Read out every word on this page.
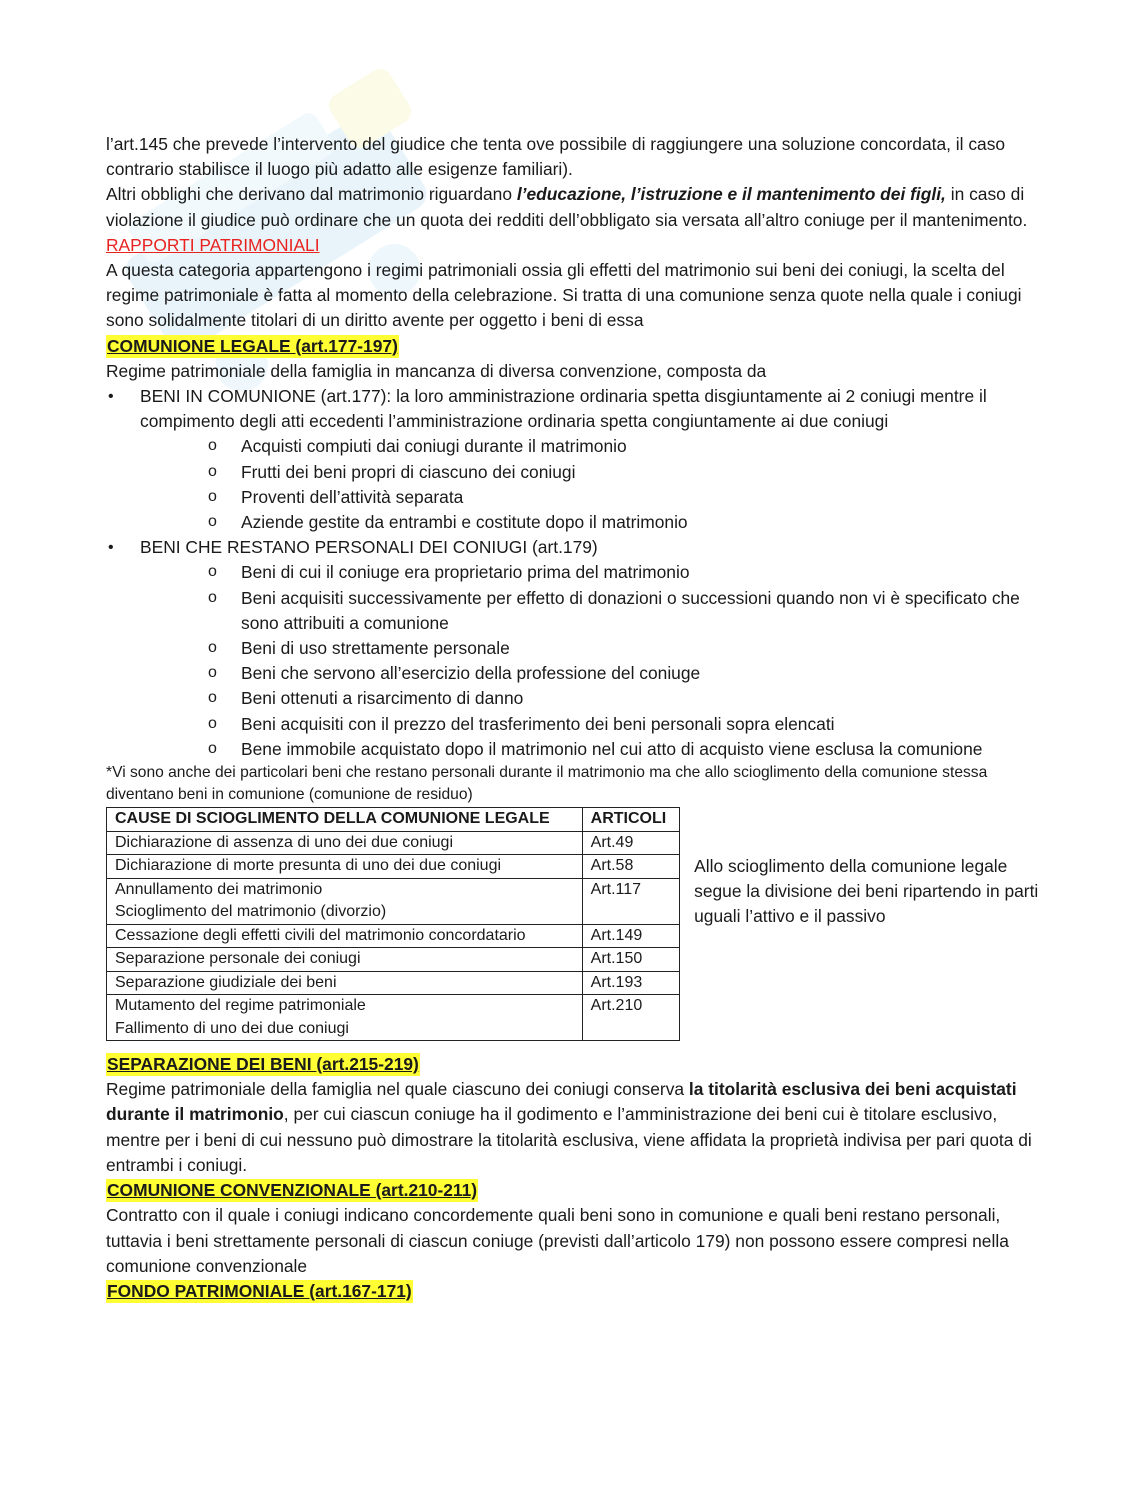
l’art.145 che prevede l’intervento del giudice che tenta ove possibile di raggiungere una soluzione concordata, il caso contrario stabilisce il luogo più adatto alle esigenze familiari).

Altri obblighi che derivano dal matrimonio riguardano l’educazione, l’istruzione e il mantenimento dei figli, in caso di violazione il giudice può ordinare che un quota dei redditi dell’obbligato sia versata all’altro coniuge per il mantenimento.

RAPPORTI PATRIMONIALI

A questa categoria appartengono i regimi patrimoniali ossia gli effetti del matrimonio sui beni dei coniugi, la scelta del regime patrimoniale è fatta al momento della celebrazione. Si tratta di una comunione senza quote nella quale i coniugi sono solidalmente titolari di un diritto avente per oggetto i beni di essa

COMUNIONE LEGALE (art.177-197)

Regime patrimoniale della famiglia in mancanza di diversa convenzione, composta da

• BENI IN COMUNIONE (art.177): la loro amministrazione ordinaria spetta disgiuntamente ai 2 coniugi mentre il compimento degli atti eccedenti l’amministrazione ordinaria spetta congiuntamente ai due coniugi
o Acquisti compiuti dai coniugi durante il matrimonio
o Frutti dei beni propri di ciascuno dei coniugi
o Proventi dell’attività separata
o Aziende gestite da entrambi e costitute dopo il matrimonio
• BENI CHE RESTANO PERSONALI DEI CONIUGI (art.179)
o Beni di cui il coniuge era proprietario prima del matrimonio
o Beni acquisiti successivamente per effetto di donazioni o successioni quando non vi è specificato che sono attribuiti a comunione
o Beni di uso strettamente personale
o Beni che servono all’esercizio della professione del coniuge
o Beni ottenuti a risarcimento di danno
o Beni acquisiti con il prezzo del trasferimento dei beni personali sopra elencati
o Bene immobile acquistato dopo il matrimonio nel cui atto di acquisto viene esclusa la comunione

*Vi sono anche dei particolari beni che restano personali durante il matrimonio ma che allo scioglimento della comunione stessa diventano beni in comunione (comunione de residuo)

CAUSE DI SCIOGLIMENTO DELLA COMUNIONE LEGALE	ARTICOLI

Dichiarazione di assenza di uno dei due coniugi	Art.49

Dichiarazione di morte presunta di uno dei due coniugi	Art.58

Annullamento dei matrimonio
Scioglimento del matrimonio (divorzio)	Art.117

Cessazione degli effetti civili del matrimonio concordatario	Art.149

Separazione personale dei coniugi	Art.150

Separazione giudiziale dei beni	Art.193

Mutamento del regime patrimoniale
Fallimento di uno dei due coniugi	Art.210

Allo scioglimento della comunione legale segue la divisione dei beni ripartendo in parti uguali l’attivo e il passivo

SEPARAZIONE DEI BENI (art.215-219)

Regime patrimoniale della famiglia nel quale ciascuno dei coniugi conserva la titolarità esclusiva dei beni acquistati durante il matrimonio, per cui ciascun coniuge ha il godimento e l’amministrazione dei beni cui è titolare esclusivo, mentre per i beni di cui nessuno può dimostrare la titolarità esclusiva, viene affidata la proprietà indivisa per pari quota di entrambi i coniugi.

COMUNIONE CONVENZIONALE (art.210-211)

Contratto con il quale i coniugi indicano concordemente quali beni sono in comunione e quali beni restano personali, tuttavia i beni strettamente personali di ciascun coniuge (previsti dall’articolo 179) non possono essere compresi nella comunione convenzionale

FONDO PATRIMONIALE (art.167-171)
